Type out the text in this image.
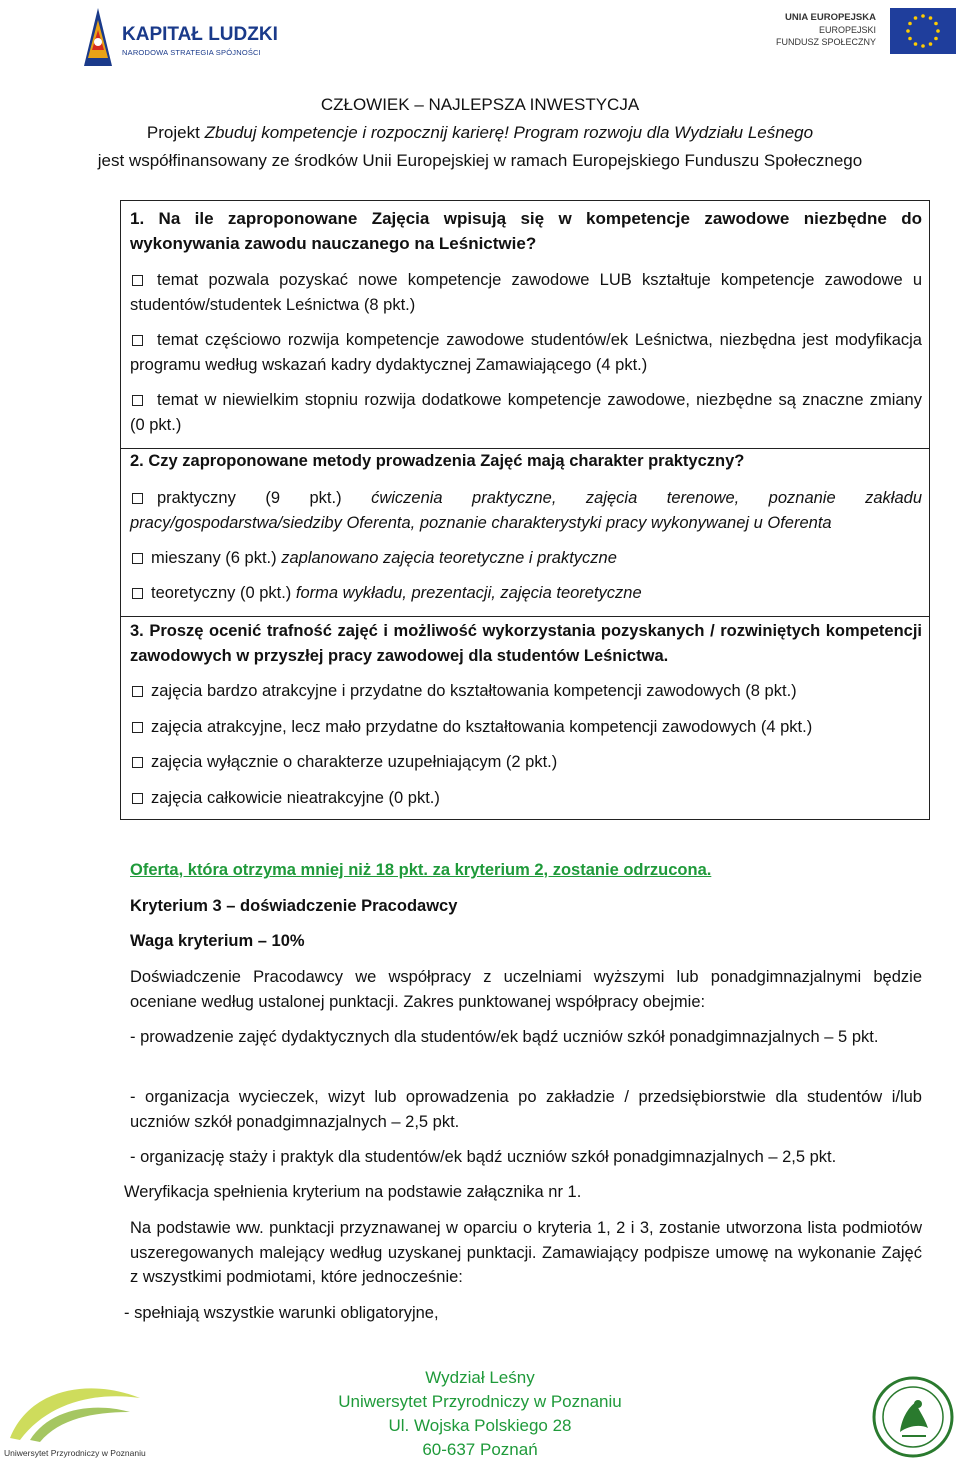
KAPITAŁ LUDZKI
NARODOWA STRATEGIA SPÓJNOŚCI
UNIA EUROPEJSKA
EUROPEJSKI
FUNDUSZ SPOŁECZNY
CZŁOWIEK – NAJLEPSZA INWESTYCJA
Projekt Zbuduj kompetencje i rozpocznij karierę! Program rozwoju dla Wydziału Leśnego
jest współfinansowany ze środków Unii Europejskiej w ramach Europejskiego Funduszu Społecznego
1. Na ile zaproponowane Zajęcia wpisują się w kompetencje zawodowe niezbędne do wykonywania zawodu nauczanego na Leśnictwie?
temat pozwala pozyskać nowe kompetencje zawodowe LUB kształtuje kompetencje zawodowe u studentów/studentek Leśnictwa (8 pkt.)
temat częściowo rozwija kompetencje zawodowe studentów/ek Leśnictwa, niezbędna jest modyfikacja programu według wskazań kadry dydaktycznej Zamawiającego (4 pkt.)
temat w niewielkim stopniu rozwija dodatkowe kompetencje zawodowe, niezbędne są znaczne zmiany (0 pkt.)
2. Czy zaproponowane metody prowadzenia Zajęć mają charakter praktyczny?
praktyczny (9 pkt.) ćwiczenia praktyczne, zajęcia terenowe, poznanie zakładu pracy/gospodarstwa/siedziby Oferenta, poznanie charakterystyki pracy wykonywanej u Oferenta
mieszany (6 pkt.) zaplanowano zajęcia teoretyczne i praktyczne
teoretyczny (0 pkt.) forma wykładu, prezentacji, zajęcia teoretyczne
3. Proszę ocenić trafność zajęć i możliwość wykorzystania pozyskanych / rozwiniętych kompetencji zawodowych w przyszłej pracy zawodowej dla studentów Leśnictwa.
zajęcia bardzo atrakcyjne i przydatne do kształtowania kompetencji zawodowych (8 pkt.)
zajęcia atrakcyjne, lecz mało przydatne do kształtowania kompetencji zawodowych (4 pkt.)
zajęcia wyłącznie o charakterze uzupełniającym (2 pkt.)
zajęcia całkowicie nieatrakcyjne (0 pkt.)
Oferta, która otrzyma mniej niż 18 pkt. za kryterium 2, zostanie odrzucona.
Kryterium 3 – doświadczenie Pracodawcy
Waga kryterium – 10%
Doświadczenie Pracodawcy we współpracy z uczelniami wyższymi lub ponadgimnazjalnymi będzie oceniane według ustalonej punktacji. Zakres punktowanej współpracy obejmie:
- prowadzenie zajęć dydaktycznych dla studentów/ek bądź uczniów szkół ponadgimnazjalnych – 5 pkt.
- organizacja wycieczek, wizyt lub oprowadzenia po zakładzie / przedsiębiorstwie dla studentów i/lub uczniów szkół ponadgimnazjalnych – 2,5 pkt.
- organizację staży i praktyk dla studentów/ek bądź uczniów szkół ponadgimnazjalnych – 2,5 pkt.
Weryfikacja spełnienia kryterium na podstawie załącznika nr 1.
Na podstawie ww. punktacji przyznawanej w oparciu o kryteria 1, 2 i 3, zostanie utworzona lista podmiotów uszeregowanych malejący według uzyskanej punktacji. Zamawiający podpisze umowę na wykonanie Zajęć z wszystkimi podmiotami, które jednocześnie:
- spełniają wszystkie warunki obligatoryjne,
Uniwersytet Przyrodniczy w Poznaniu
Wydział Leśny
Uniwersytet Przyrodniczy w Poznaniu
Ul. Wojska Polskiego 28
60-637 Poznań
